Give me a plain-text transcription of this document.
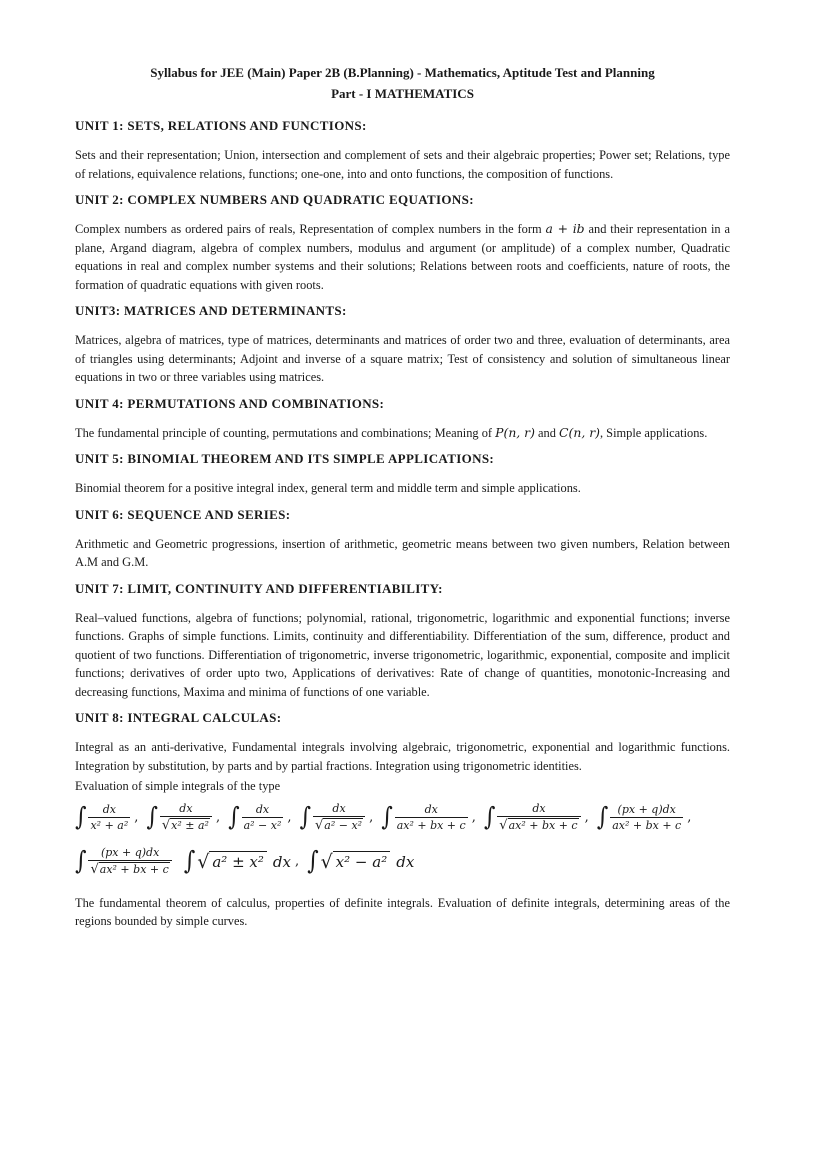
Syllabus for JEE (Main) Paper 2B (B.Planning) - Mathematics, Aptitude Test and Planning
Part - I MATHEMATICS

UNIT 1: SETS, RELATIONS AND FUNCTIONS:

Sets and their representation; Union, intersection and complement of sets and their algebraic properties; Power set; Relations, type of relations, equivalence relations, functions; one-one, into and onto functions, the composition of functions.

UNIT 2: COMPLEX NUMBERS AND QUADRATIC EQUATIONS:

Complex numbers as ordered pairs of reals, Representation of complex numbers in the form a + ib and their representation in a plane, Argand diagram, algebra of complex numbers, modulus and argument (or amplitude) of a complex number, Quadratic equations in real and complex number systems and their solutions; Relations between roots and coefficients, nature of roots, the formation of quadratic equations with given roots.

UNIT3: MATRICES AND DETERMINANTS:

Matrices, algebra of matrices, type of matrices, determinants and matrices of order two and three, evaluation of determinants, area of triangles using determinants; Adjoint and inverse of a square matrix; Test of consistency and solution of simultaneous linear equations in two or three variables using matrices.

UNIT 4: PERMUTATIONS AND COMBINATIONS:

The fundamental principle of counting, permutations and combinations; Meaning of P(n, r) and C(n, r), Simple applications.

UNIT 5: BINOMIAL THEOREM AND ITS SIMPLE APPLICATIONS:

Binomial theorem for a positive integral index, general term and middle term and simple applications.

UNIT 6: SEQUENCE AND SERIES:

Arithmetic and Geometric progressions, insertion of arithmetic, geometric means between two given numbers, Relation between A.M and G.M.

UNIT 7: LIMIT, CONTINUITY AND DIFFERENTIABILITY:

Real–valued functions, algebra of functions; polynomial, rational, trigonometric, logarithmic and exponential functions; inverse functions. Graphs of simple functions. Limits, continuity and differentiability. Differentiation of the sum, difference, product and quotient of two functions. Differentiation of trigonometric, inverse trigonometric, logarithmic, exponential, composite and implicit functions; derivatives of order upto two, Applications of derivatives: Rate of change of quantities, monotonic-Increasing and decreasing functions, Maxima and minima of functions of one variable.

UNIT 8: INTEGRAL CALCULAS:

Integral as an anti-derivative, Fundamental integrals involving algebraic, trigonometric, exponential and logarithmic functions. Integration by substitution, by parts and by partial fractions. Integration using trigonometric identities.

Evaluation of simple integrals of the type

∫ $\frac{dx}{\text{x² + a²}}$ , ∫ $\frac{dx}{\text{√ x² ± a²}}$ , ∫ $\frac{dx}{\text{a² − x²}}$ , ∫ $\frac{dx}{\text{√ a² − x²}}$ , ∫ $\frac{dx}{\text{ax² + bx + c}}$ , ∫ $\frac{dx}{\text{√ ax² + bx + c}}$ , ∫ $\frac{(px + q)dx}{\text{ax² + bx + c}}$ ,
∫ $\frac{(px + q)dx}{\text{√ ax² + bx + c}}$ ∫ √ a² ± x² dx , ∫ √ x² − a² dx

The fundamental theorem of calculus, properties of definite integrals. Evaluation of definite integrals, determining areas of the regions bounded by simple curves.
